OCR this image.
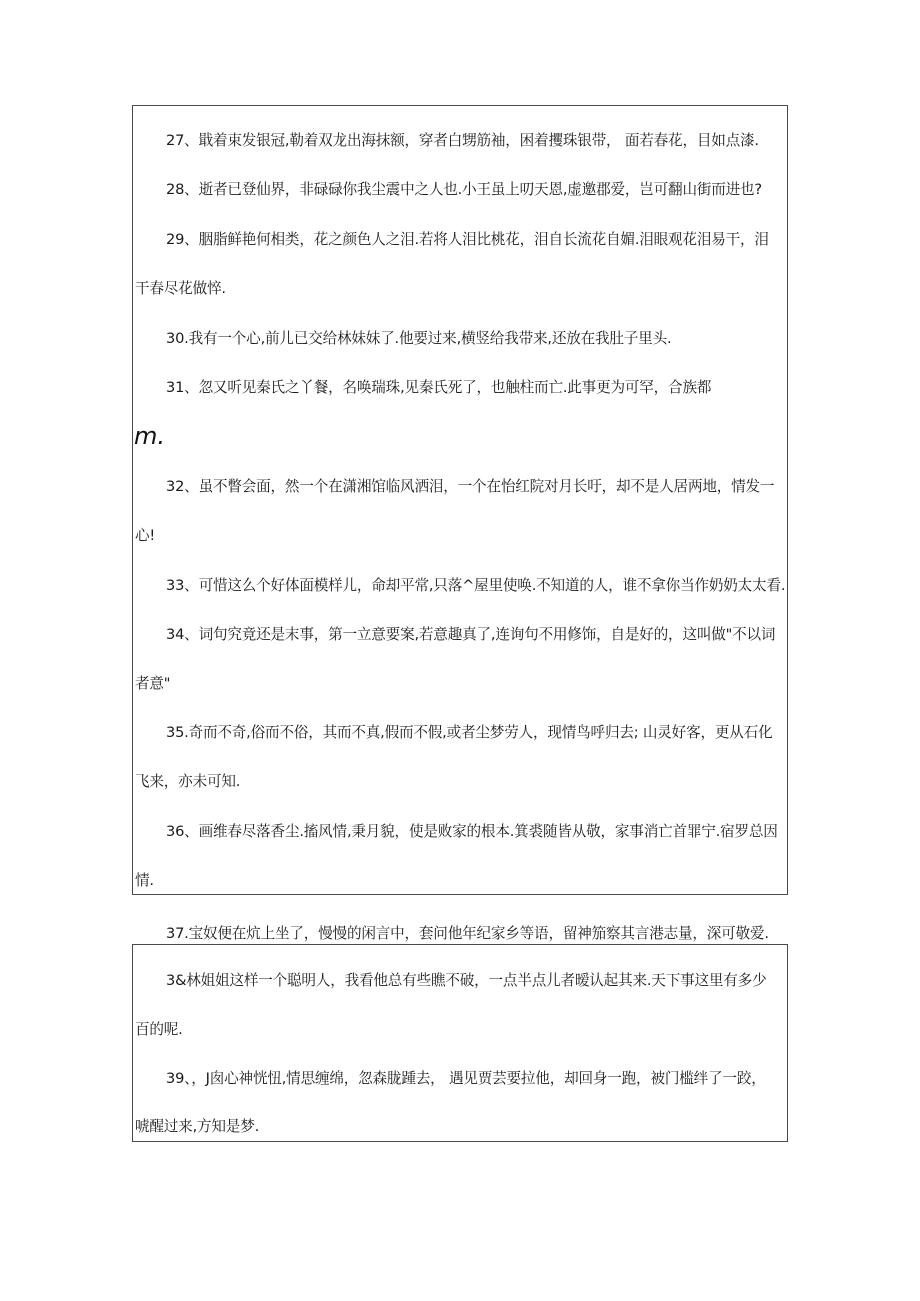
27、戢着束发银冠,勒着双龙出海抹额，穿者白甥筋袖，困着攫珠银带， 面若春花，目如点漆.
28、逝者已登仙界，非碌碌你我尘震中之人也.小王虽上叨天恩,虚邀郡爱，岂可翻山街而进也?
29、胭脂鲜艳何相类，花之颜色人之泪.若将人泪比桃花，泪自长流花自媚.泪眼观花泪易干，泪
干春尽花做悴.
30.我有一个心,前儿已交给林妹妹了.他要过来,横竖给我带来,还放在我肚子里头.
31、忽又听见秦氏之丫餐，名唤瑞珠,见秦氏死了，也触柱而亡.此事更为可罕，合族都
m.
32、虽不瞥会面，然一个在潇湘馆临风洒泪，一个在怡红院对月长吁，却不是人居两地，情发一
心!
33、可惜这么个好体面模样儿，命却平常,只落^屋里使唤.不知道的人，谁不拿你当作奶奶太太看.
34、词句究竟还是末事，第一立意要案,若意趣真了,连询句不用修饰，自是好的，这叫做"不以词
者意"
35.奇而不奇,俗而不俗，其而不真,假而不假,或者尘梦劳人，现情鸟呼归去; 山灵好客，更从石化
飞来，亦未可知.
36、画维春尽落香尘.搐风情,秉月貌，使是败家的根本.箕裘随皆从敬，家事消亡首罪宁.宿罗总因
情.
37.宝奴便在炕上坐了，慢慢的闲言中，套问他年纪家乡等语，留神笳察其言港志量，深可敬爱.
3&林姐姐这样一个聪明人，我看他总有些瞧不破，一点半点儿者暧认起其来.天下事这里有多少
百的呢.
39、，J囱心神恍忸,情思缠绵，忽森胧踵去， 遇见贾芸要拉他，却回身一跑，被门槛绊了一跤，
唬醒过来,方知是梦.
